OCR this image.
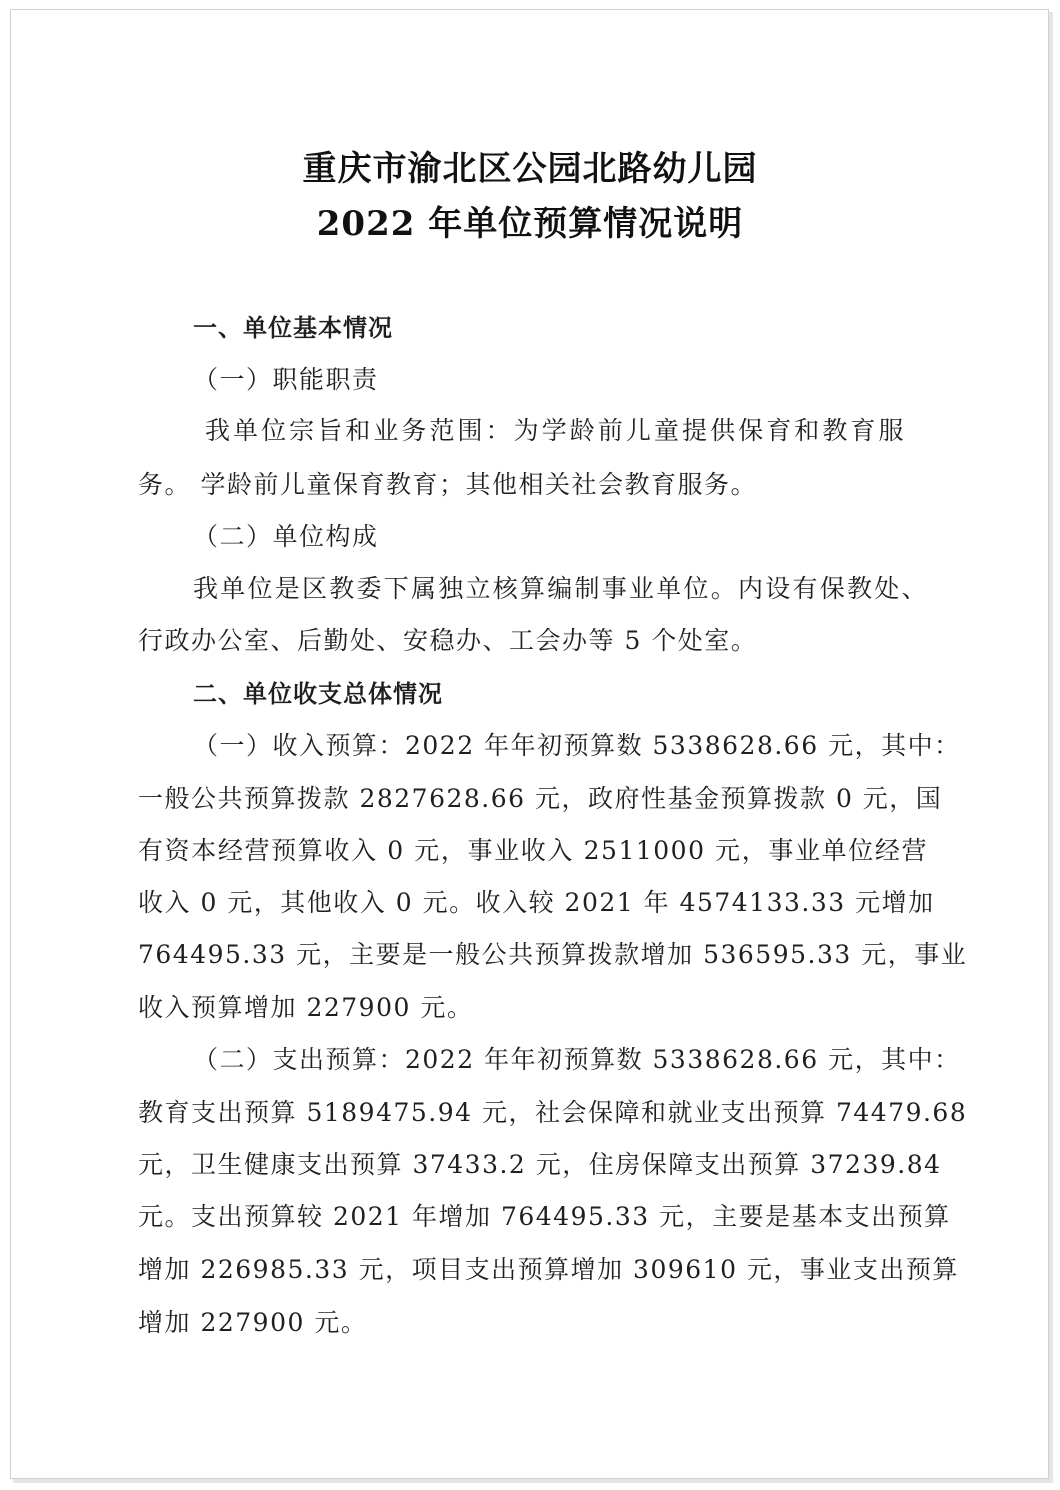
重庆市渝北区公园北路幼儿园
2022 年单位预算情况说明
一、单位基本情况
（一）职能职责
我单位宗旨和业务范围：为学龄前儿童提供保育和教育服
务。 学龄前儿童保育教育；其他相关社会教育服务。
（二）单位构成
我单位是区教委下属独立核算编制事业单位。内设有保教处、
行政办公室、后勤处、安稳办、工会办等 5 个处室。
二、单位收支总体情况
（一）收入预算：2022 年年初预算数 5338628.66 元，其中：
一般公共预算拨款 2827628.66 元，政府性基金预算拨款 0 元，国
有资本经营预算收入 0 元，事业收入 2511000 元，事业单位经营
收入 0 元，其他收入 0 元。收入较 2021 年 4574133.33 元增加
764495.33 元，主要是一般公共预算拨款增加 536595.33 元，事业
收入预算增加 227900 元。
（二）支出预算：2022 年年初预算数 5338628.66 元，其中：
教育支出预算 5189475.94 元，社会保障和就业支出预算 74479.68
元，卫生健康支出预算 37433.2 元，住房保障支出预算 37239.84
元。支出预算较 2021 年增加 764495.33 元，主要是基本支出预算
增加 226985.33 元，项目支出预算增加 309610 元，事业支出预算
增加 227900 元。
